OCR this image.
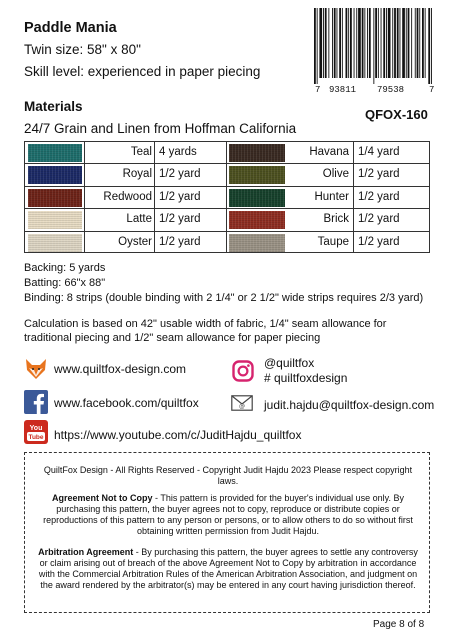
Paddle Mania
Twin size: 58" x 80"
Skill level: experienced in paper piecing
7 93811 79538	7
QFOX-160
Materials
24/7 Grain and Linen from Hoffman California
Teal 4 yards	Havana 1/4 yard
Royal 1/2 yard	Olive 1/2 yard
Redwood 1/2 yard	Hunter 1/2 yard
Latte 1/2 yard	Brick 1/2 yard
Oyster 1/2 yard	Taupe 1/2 yard
Backing: 5 yards
Batting: 66"x 88"
Binding: 8 strips (double binding with 2 1/4" or 2 1/2" wide strips requires 2/3 yard)
Calculation is based on 42" usable width of fabric, 1/4" seam allowance for traditional piecing and 1/2" seam allowance for paper piecing
www.quiltfox-design.com	@quiltfox
# quiltfoxdesign
www.facebook.com/quiltfox	@ judit.hajdu@quiltfox-design.com
You
Tube https://www.youtube.com/c/JuditHajdu_quiltfox

QuiltFox Design - All Rights Reserved - Copyright Judit Hajdu 2023 Please respect copyright laws.

Agreement Not to Copy - This pattern is provided for the buyer's individual use only. By purchasing this pattern, the buyer agrees not to copy, reproduce or distribute copies or reproductions of this pattern to any person or persons, or to allow others to do so without first obtaining written permission from Judit Hajdu.

Arbitration Agreement - By purchasing this pattern, the buyer agrees to settle any controversy or claim arising out of breach of the above Agreement Not to Copy by arbitration in accordance with the Commercial Arbitration Rules of the American Arbitration Association, and judgment on the award rendered by the arbitrator(s) may be entered in any court having jurisdiction thereof.

Page 8 of 8
